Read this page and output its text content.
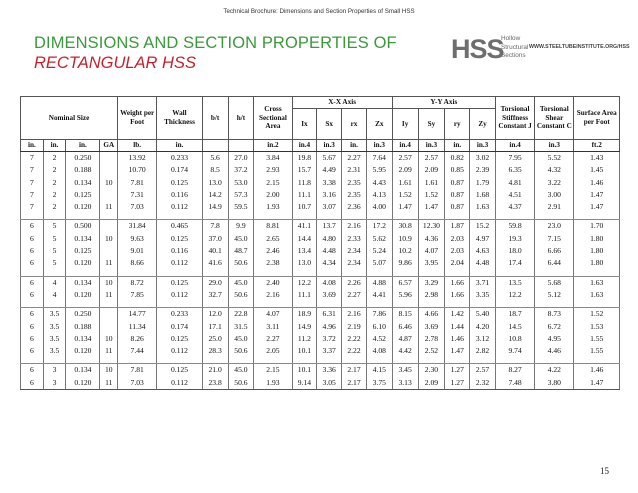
Technical Brochure: Dimensions and Section Properties of Small HSS
DIMENSIONS AND SECTION PROPERTIES OF
RECTANGULAR HSS	HSS
Hollow
Structural
Sections
WWW.STEELTUBEINSTITUTE.ORG/HSS
Nominal Size				Weight per Foot	Wall Thickness	b/t	h/t	Cross Sectional Area	X-X Axis				Y-Y Axis				Torsional Stiffness Constant J	Torsional Shear Constant C	Surface Area per Foot
									Ix	Sx	rx	Zx	Iy	Sy	ry	Zy			
in.	in.	in.	GA	lb.	in.			in.2	in.4	in.3	in.	in.3	in.4	in.3	in.	in.3	in.4	in.3	ft.2
7	2	0.250		13.92	0.233	5.6	27.0	3.84	19.8	5.67	2.27	7.64	2.57	2.57	0.82	3.02	7.95	5.52	1.43
7	2	0.188		10.70	0.174	8.5	37.2	2.93	15.7	4.49	2.31	5.95	2.09	2.09	0.85	2.39	6.35	4.32	1.45
7	2	0.134	10	7.81	0.125	13.0	53.0	2.15	11.8	3.38	2.35	4.43	1.61	1.61	0.87	1.79	4.81	3.22	1.46
7	2	0.125		7.31	0.116	14.2	57.3	2.00	11.1	3.16	2.35	4.13	1.52	1.52	0.87	1.68	4.51	3.00	1.47
7	2	0.120	11	7.03	0.112	14.9	59.5	1.93	10.7	3.07	2.36	4.00	1.47	1.47	0.87	1.63	4.37	2.91	1.47

6	5	0.500		31.84	0.465	7.8	9.9	8.81	41.1	13.7	2.16	17.2	30.8	12.30	1.87	15.2	59.8	23.0	1.70
6	5	0.134	10	9.63	0.125	37.0	45.0	2.65	14.4	4.80	2.33	5.62	10.9	4.36	2.03	4.97	19.3	7.15	1.80
6	5	0.125		9.01	0.116	40.1	48.7	2.46	13.4	4.48	2.34	5.24	10.2	4.07	2.03	4.63	18.0	6.66	1.80
6	5	0.120	11	8.66	0.112	41.6	50.6	2.38	13.0	4.34	2.34	5.07	9.86	3.95	2.04	4.48	17.4	6.44	1.80

6	4	0.134	10	8.72	0.125	29.0	45.0	2.40	12.2	4.08	2.26	4.88	6.57	3.29	1.66	3.71	13.5	5.68	1.63
6	4	0.120	11	7.85	0.112	32.7	50.6	2.16	11.1	3.69	2.27	4.41	5.96	2.98	1.66	3.35	12.2	5.12	1.63

6	3.5	0.250		14.77	0.233	12.0	22.8	4.07	18.9	6.31	2.16	7.86	8.15	4.66	1.42	5.40	18.7	8.73	1.52
6	3.5	0.188		11.34	0.174	17.1	31.5	3.11	14.9	4.96	2.19	6.10	6.46	3.69	1.44	4.20	14.5	6.72	1.53
6	3.5	0.134	10	8.26	0.125	25.0	45.0	2.27	11.2	3.72	2.22	4.52	4.87	2.78	1.46	3.12	10.8	4.95	1.55
6	3.5	0.120	11	7.44	0.112	28.3	50.6	2.05	10.1	3.37	2.22	4.08	4.42	2.52	1.47	2.82	9.74	4.46	1.55

6	3	0.134	10	7.81	0.125	21.0	45.0	2.15	10.1	3.36	2.17	4.15	3.45	2.30	1.27	2.57	8.27	4.22	1.46
6	3	0.120	11	7.03	0.112	23.8	50.6	1.93	9.14	3.05	2.17	3.75	3.13	2.09	1.27	2.32	7.48	3.80	1.47
15
